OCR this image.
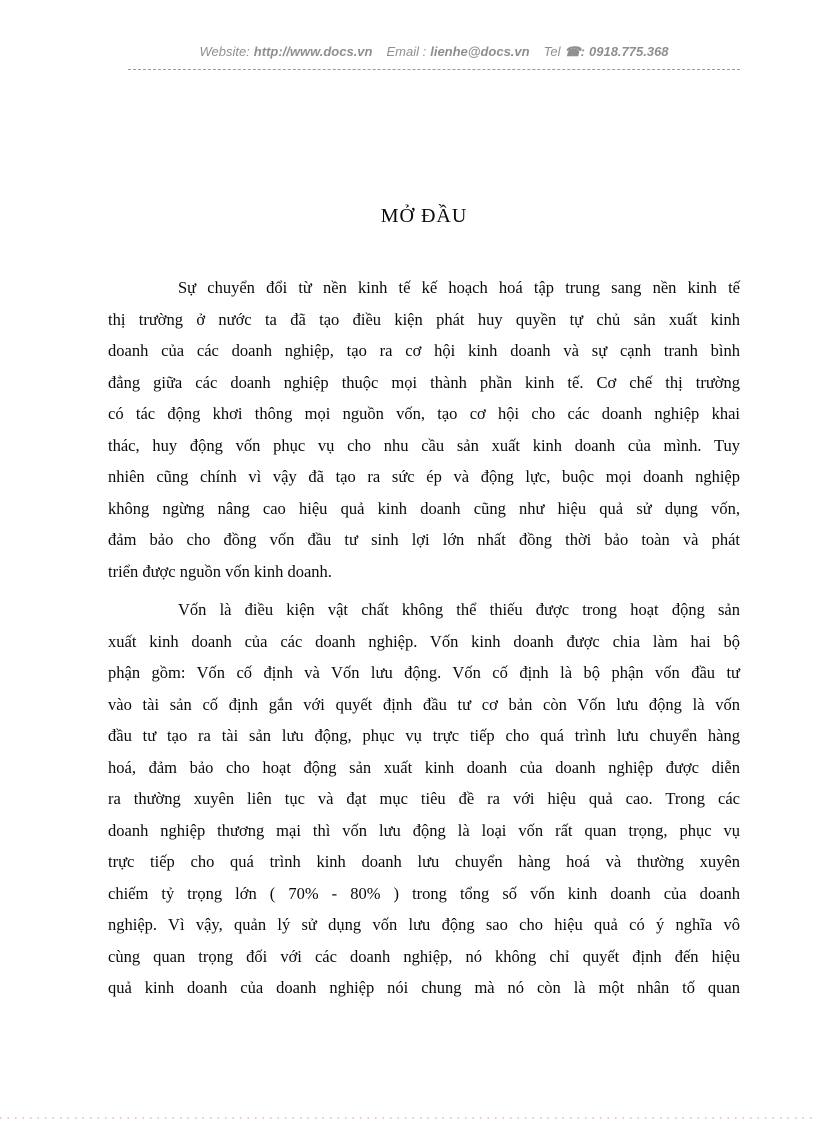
Website: http://www.docs.vn Email : lienhe@docs.vn Tel ☎: 0918.775.368
MỞ ĐẦU
Sự chuyển đổi từ nền kinh tế kế hoạch hoá tập trung sang nền kinh tế
thị trường ở nước ta đã tạo điều kiện phát huy quyền tự chủ sản xuất kinh
doanh của các doanh nghiệp, tạo ra cơ hội kinh doanh và sự cạnh tranh bình
đẳng giữa các doanh nghiệp thuộc mọi thành phần kinh tế. Cơ chế thị trường
có tác động khơi thông mọi nguồn vốn, tạo cơ hội cho các doanh nghiệp khai
thác, huy động vốn phục vụ cho nhu cầu sản xuất kinh doanh của mình. Tuy
nhiên cũng chính vì vậy đã tạo ra sức ép và động lực, buộc mọi doanh nghiệp
không ngừng nâng cao hiệu quả kinh doanh cũng như hiệu quả sử dụng vốn,
đảm bảo cho đồng vốn đầu tư sinh lợi lớn nhất đồng thời bảo toàn và phát
triển được nguồn vốn kinh doanh.
Vốn là điều kiện vật chất không thể thiếu được trong hoạt động sản
xuất kinh doanh của các doanh nghiệp. Vốn kinh doanh được chia làm hai bộ
phận gồm: Vốn cố định và Vốn lưu động. Vốn cố định là bộ phận vốn đầu tư
vào tài sản cố định gắn với quyết định đầu tư cơ bản còn Vốn lưu động là vốn
đầu tư tạo ra tài sản lưu động, phục vụ trực tiếp cho quá trình lưu chuyển hàng
hoá, đảm bảo cho hoạt động sản xuất kinh doanh của doanh nghiệp được diễn
ra thường xuyên liên tục và đạt mục tiêu đề ra với hiệu quả cao. Trong các
doanh nghiệp thương mại thì vốn lưu động là loại vốn rất quan trọng, phục vụ
trực tiếp cho quá trình kinh doanh lưu chuyển hàng hoá và thường xuyên
chiếm tỷ trọng lớn ( 70% - 80% ) trong tổng số vốn kinh doanh của doanh
nghiệp. Vì vậy, quản lý sử dụng vốn lưu động sao cho hiệu quả có ý nghĩa vô
cùng quan trọng đối với các doanh nghiệp, nó không chỉ quyết định đến hiệu
quả kinh doanh của doanh nghiệp nói chung mà nó còn là một nhân tố quan
